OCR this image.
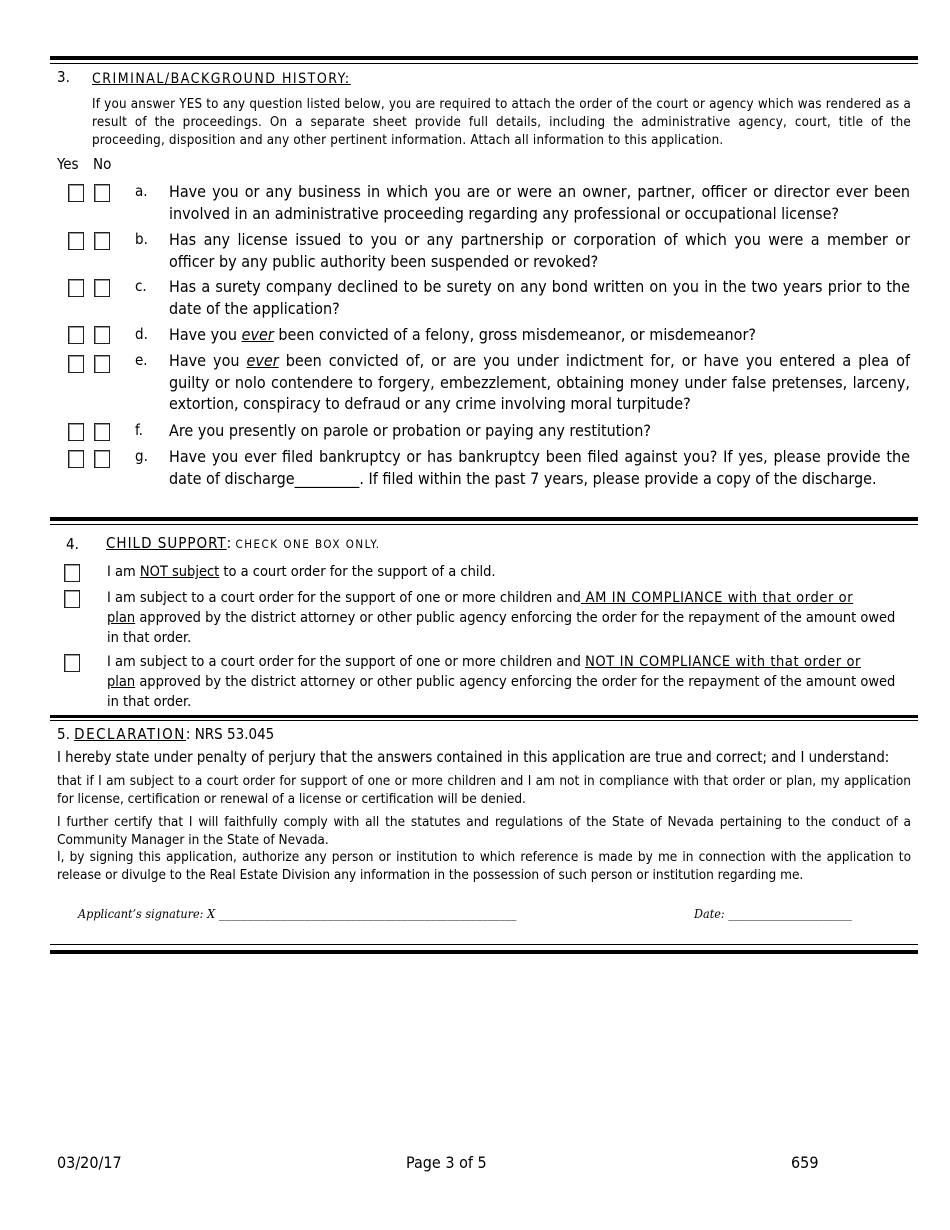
3. CRIMINAL/BACKGROUND HISTORY:
If you answer YES to any question listed below, you are required to attach the order of the court or agency which was rendered as a result of the proceedings. On a separate sheet provide full details, including the administrative agency, court, title of the proceeding, disposition and any other pertinent information. Attach all information to this application.
Yes No
a. Have you or any business in which you are or were an owner, partner, officer or director ever been involved in an administrative proceeding regarding any professional or occupational license?
b. Has any license issued to you or any partnership or corporation of which you were a member or officer by any public authority been suspended or revoked?
c. Has a surety company declined to be surety on any bond written on you in the two years prior to the date of the application?
d. Have you ever been convicted of a felony, gross misdemeanor, or misdemeanor?
e. Have you ever been convicted of, or are you under indictment for, or have you entered a plea of guilty or nolo contendere to forgery, embezzlement, obtaining money under false pretenses, larceny, extortion, conspiracy to defraud or any crime involving moral turpitude?
f. Are you presently on parole or probation or paying any restitution?
g. Have you ever filed bankruptcy or has bankruptcy been filed against you? If yes, please provide the date of discharge_________. If filed within the past 7 years, please provide a copy of the discharge.
4. CHILD SUPPORT: CHECK ONE BOX ONLY.
I am NOT subject to a court order for the support of a child.
I am subject to a court order for the support of one or more children and AM IN COMPLIANCE with that order or
plan approved by the district attorney or other public agency enforcing the order for the repayment of the amount owed in that order.
I am subject to a court order for the support of one or more children and NOT IN COMPLIANCE with that order or
plan approved by the district attorney or other public agency enforcing the order for the repayment of the amount owed in that order.
5. DECLARATION: NRS 53.045
I hereby state under penalty of perjury that the answers contained in this application are true and correct; and I understand:
that if I am subject to a court order for support of one or more children and I am not in compliance with that order or plan, my application for license, certification or renewal of a license or certification will be denied.
I further certify that I will faithfully comply with all the statutes and regulations of the State of Nevada pertaining to the conduct of a Community Manager in the State of Nevada.
I, by signing this application, authorize any person or institution to which reference is made by me in connection with the application to release or divulge to the Real Estate Division any information in the possession of such person or institution regarding me.
Applicant’s signature: X ____________________________________________________	Date: ______________________
03/20/17	Page 3 of 5	659
